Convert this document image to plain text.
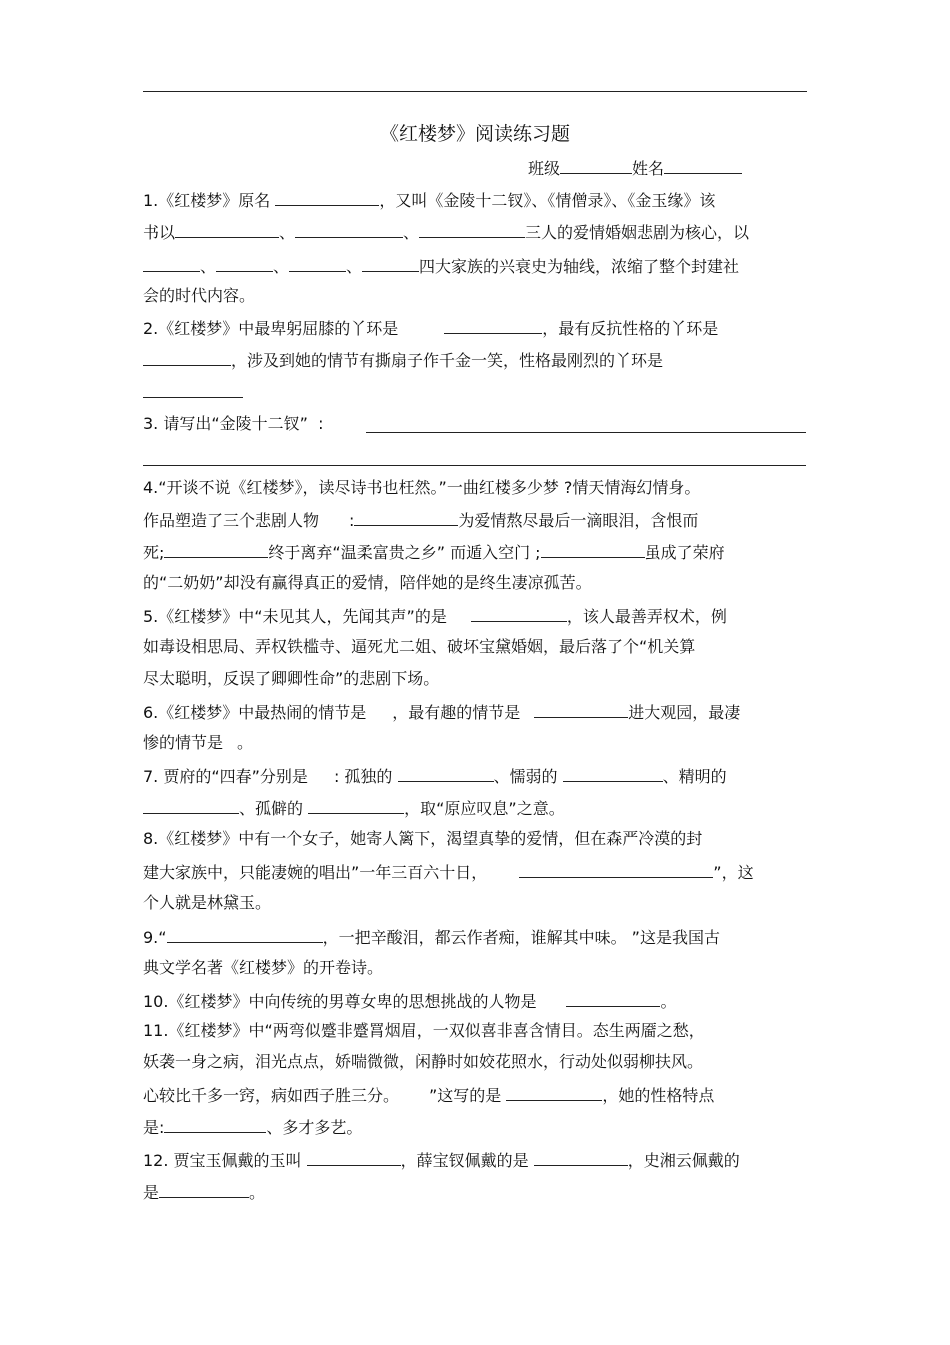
《红楼梦》阅读练习题
班级	姓名
1.《红楼梦》原名	，又叫《金陵十二钗》、《情僧录》、《金玉缘》该
书以	、	、	三人的爱情婚姻悲剧为核心，以
、	、	、	四大家族的兴衰史为轴线，浓缩了整个封建社
会的时代内容。
2.《红楼梦》中最卑躬屈膝的丫环是	，最有反抗性格的丫环是
，涉及到她的情节有撕扇子作千金一笑，性格最刚烈的丫环是
3. 请写出“金陵十二钗”  :
4.“开谈不说《红楼梦》，读尽诗书也枉然。”一曲红楼多少梦 ?情天情海幻情身。
作品塑造了三个悲剧人物 :	为爱情熬尽最后一滴眼泪，含恨而
死;	终于离弃“温柔富贵之乡” 而遁入空门 ;	虽成了荣府
的“二奶奶”却没有赢得真正的爱情，陪伴她的是终生凄凉孤苦。
5.《红楼梦》中“未见其人，先闻其声”的是	，该人最善弄权术，例
如毒设相思局、弄权铁槛寺、逼死尤二姐、破坏宝黛婚姻，最后落了个“机关算
尽太聪明，反误了卿卿性命”的悲剧下场。
6.《红楼梦》中最热闹的情节是 ，最有趣的情节是	进大观园，最凄
惨的情节是 。
7. 贾府的“四春”分别是 : 孤独的	、懦弱的	、精明的
、孤僻的	，取“原应叹息”之意。
8.《红楼梦》中有一个女子，她寄人篱下，渴望真挚的爱情，但在森严冷漠的封
建大家族中，只能凄婉的唱出”一年三百六十日，	”，这
个人就是林黛玉。
9.“	，一把辛酸泪，都云作者痴，谁解其中味。 ”这是我国古
典文学名著《红楼梦》的开卷诗。
10.《红楼梦》中向传统的男尊女卑的思想挑战的人物是	。
11.《红楼梦》中“两弯似蹙非蹙罥烟眉，一双似喜非喜含情目。态生两靥之愁，
妖袭一身之病，泪光点点，娇喘微微，闲静时如姣花照水，行动处似弱柳扶风。
心较比千多一窍，病如西子胜三分。 ”这写的是	，她的性格特点
是:	、多才多艺。
12. 贾宝玉佩戴的玉叫	，薛宝钗佩戴的是	，史湘云佩戴的
是	。
